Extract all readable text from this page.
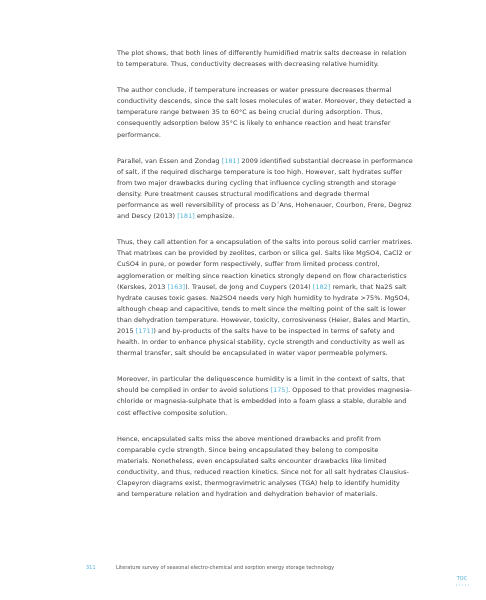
The plot shows, that both lines of differently humidified matrix salts decrease in relation to temperature. Thus, conductivity decreases with decreasing relative humidity.

The author conclude, if temperature increases or water pressure decreases thermal conductivity descends, since the salt loses molecules of water. Moreover, they detected a temperature range between 35 to 60°C as being crucial during adsorption. Thus, consequently adsorption below 35°C is likely to enhance reaction and heat transfer performance.

Parallel, van Essen and Zondag [181] 2009 identified substantial decrease in performance of salt, if the required discharge temperature is too high. However, salt hydrates suffer from two major drawbacks during cycling that influence cycling strength and storage density. Pure treatment causes structural modifications and degrade thermal performance as well reversibility of process as D´Ans, Hohenauer, Courbon, Frere, Degrez and Descy (2013) [181] emphasize.

Thus, they call attention for a encapsulation of the salts into porous solid carrier matrixes. That matrixes can be provided by zeolites, carbon or silica gel. Salts like MgSO4, CaCl2 or CuSO4 in pure, or powder form respectively, suffer from limited process control, agglomeration or melting since reaction kinetics strongly depend on flow characteristics (Kerskes, 2013 [163]). Trausel, de Jong and Cuypers (2014) [182] remark, that Na2S salt hydrate causes toxic gases. Na2SO4 needs very high humidity to hydrate >75%. MgSO4, although cheap and capacitive, tends to melt since the melting point of the salt is lower than dehydration temperature. However, toxicity, corrosiveness (Heier, Bales and Martin, 2015 [171]) and by-products of the salts have to be inspected in terms of safety and health. In order to enhance physical stability, cycle strength and conductivity as well as thermal transfer, salt should be encapsulated in water vapor permeable polymers.

Moreover, in particular the deliquescence humidity is a limit in the context of salts, that should be complied in order to avoid solutions [175]. Opposed to that provides magnesia-chloride or magnesia-sulphate that is embedded into a foam glass a stable, durable and cost effective composite solution.

Hence, encapsulated salts miss the above mentioned drawbacks and profit from comparable cycle strength. Since being encapsulated they belong to composite materials. Nonetheless, even encapsulated salts encounter drawbacks like limited conductivity, and thus, reduced reaction kinetics. Since not for all salt hydrates Clausius-Clapeyron diagrams exist, thermogravimetric analyses (TGA) help to identify humidity and temperature relation and hydration and dehydration behavior of materials.

311	Literature survey of seasonal electro-chemical and sorption energy storage technology
TOC
